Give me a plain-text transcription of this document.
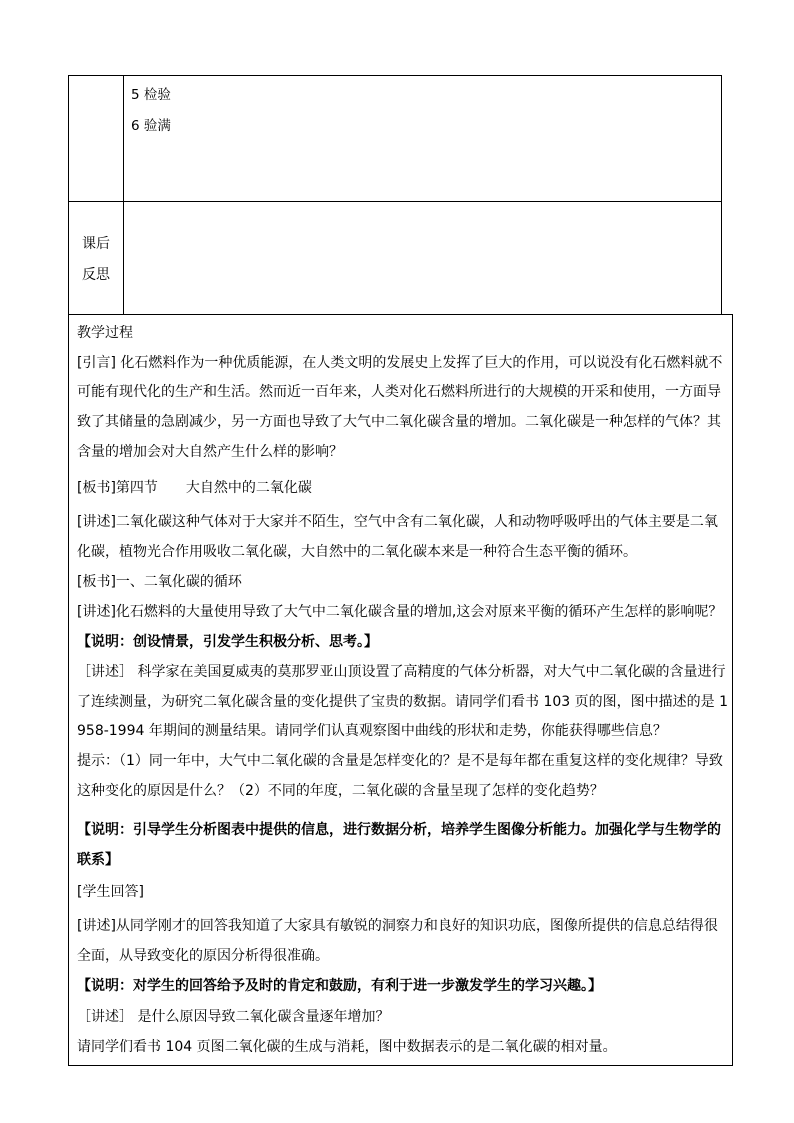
5 检验
6 验满
课后
反思
教学过程
[引言] 化石燃料作为一种优质能源，在人类文明的发展史上发挥了巨大的作用，可以说没有化石燃料就不
可能有现代化的生产和生活。然而近一百年来，人类对化石燃料所进行的大规模的开采和使用，一方面导
致了其储量的急剧减少，另一方面也导致了大气中二氧化碳含量的增加。二氧化碳是一种怎样的气体？其
含量的增加会对大自然产生什么样的影响？
[板书]第四节　　大自然中的二氧化碳
[讲述]二氧化碳这种气体对于大家并不陌生，空气中含有二氧化碳，人和动物呼吸呼出的气体主要是二氧
化碳，植物光合作用吸收二氧化碳，大自然中的二氧化碳本来是一种符合生态平衡的循环。
[板书]一、二氧化碳的循环
[讲述]化石燃料的大量使用导致了大气中二氧化碳含量的增加,这会对原来平衡的循环产生怎样的影响呢？
【说明：创设情景，引发学生积极分析、思考。】
［讲述］ 科学家在美国夏威夷的莫那罗亚山顶设置了高精度的气体分析器，对大气中二氧化碳的含量进行
了连续测量，为研究二氧化碳含量的变化提供了宝贵的数据。请同学们看书 103 页的图，图中描述的是 1
958-1994 年期间的测量结果。请同学们认真观察图中曲线的形状和走势，你能获得哪些信息？
提示：（1）同一年中，大气中二氧化碳的含量是怎样变化的？是不是每年都在重复这样的变化规律？导致
这种变化的原因是什么？（2）不同的年度，二氧化碳的含量呈现了怎样的变化趋势？
【说明：引导学生分析图表中提供的信息，进行数据分析，培养学生图像分析能力。加强化学与生物学的
联系】
[学生回答]
[讲述]从同学刚才的回答我知道了大家具有敏锐的洞察力和良好的知识功底，图像所提供的信息总结得很
全面，从导致变化的原因分析得很准确。
【说明：对学生的回答给予及时的肯定和鼓励，有利于进一步激发学生的学习兴趣。】
［讲述］ 是什么原因导致二氧化碳含量逐年增加？
请同学们看书 104 页图二氧化碳的生成与消耗，图中数据表示的是二氧化碳的相对量。
